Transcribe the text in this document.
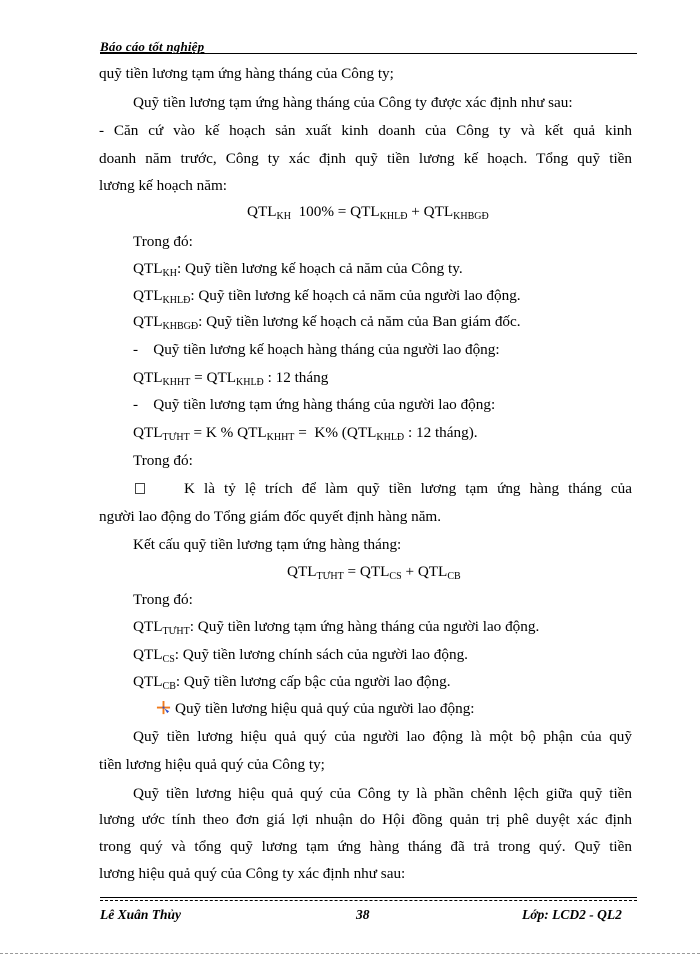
Báo cáo tốt nghiệp
quỹ tiền lương tạm ứng hàng tháng của Công ty;
Quỹ tiền lương tạm ứng hàng tháng của Công ty được xác định như sau:
- Căn cứ vào kế hoạch sản xuất kinh doanh của Công ty và kết quả kinh
doanh năm trước, Công ty xác định quỹ tiền lương kế hoạch. Tổng quỹ tiền
lương kế hoạch năm:
$QTL_{KH}$  $100\% = QTL_{KHLĐ} + QTL_{KHBGĐ}$
Trong đó:
$QTL_{KH}$: Quỹ tiền lương kế hoạch cả năm của Công ty.
$QTL_{KHLĐ}$: Quỹ tiền lương kế hoạch cả năm của người lao động.
$QTL_{KHBGĐ}$: Quỹ tiền lương kế hoạch cả năm của Ban giám đốc.
-    Quỹ tiền lương kế hoạch hàng tháng của người lao động:
$QTL_{KHHT} = QTL_{KHLĐ}$ : 12 tháng
-    Quỹ tiền lương tạm ứng hàng tháng của người lao động:
$QTL_{TƯHT} = K$ % $QTL_{KHHT} = K\%$ ($QTL_{KHLĐ}$ : 12 tháng).
Trong đó:
K là tỷ lệ trích để làm quỹ tiền lương tạm ứng hàng tháng của
người lao động do Tổng giám đốc quyết định hàng năm.
Kết cấu quỹ tiền lương tạm ứng hàng tháng:
$QTL_{TƯHT} = QTL_{CS} + QTL_{CB}$
Trong đó:
$QTL_{TƯHT}$: Quỹ tiền lương tạm ứng hàng tháng của người lao động.
$QTL_{CS}$: Quỹ tiền lương chính sách của người lao động.
$QTL_{CB}$: Quỹ tiền lương cấp bậc của người lao động.
Quỹ tiền lương hiệu quả quý của người lao động:
Quỹ tiền lương hiệu quả quý của người lao động là một bộ phận của quỹ
tiền lương hiệu quả quý của Công ty;
Quỹ tiền lương hiệu quả quý của Công ty là phần chênh lệch giữa quỹ tiền
lương ước tính theo đơn giá lợi nhuận do Hội đồng quản trị phê duyệt xác định
trong quý và tổng quỹ lương tạm ứng hàng tháng đã trả trong quý. Quỹ tiền
lương hiệu quả quý của Công ty xác định như sau:
Lê Xuân Thủy	38	Lớp: LCD2 - QL2
